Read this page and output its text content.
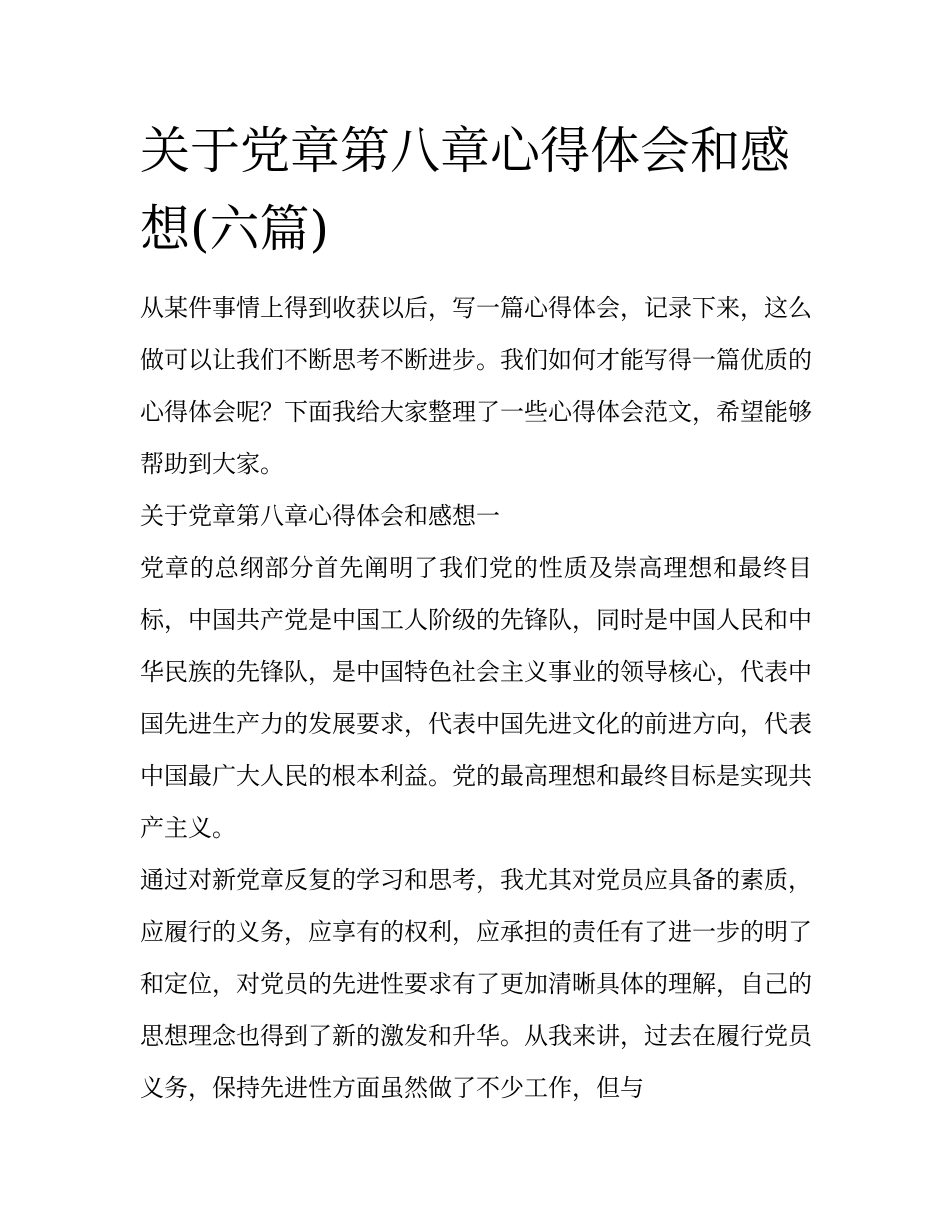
关于党章第八章心得体会和感想(六篇)

从某件事情上得到收获以后，写一篇心得体会，记录下来，这么做可以让我们不断思考不断进步。我们如何才能写得一篇优质的心得体会呢？下面我给大家整理了一些心得体会范文，希望能够帮助到大家。

关于党章第八章心得体会和感想一

党章的总纲部分首先阐明了我们党的性质及崇高理想和最终目标，中国共产党是中国工人阶级的先锋队，同时是中国人民和中华民族的先锋队，是中国特色社会主义事业的领导核心，代表中国先进生产力的发展要求，代表中国先进文化的前进方向，代表中国最广大人民的根本利益。党的最高理想和最终目标是实现共产主义。

通过对新党章反复的学习和思考，我尤其对党员应具备的素质，应履行的义务，应享有的权利，应承担的责任有了进一步的明了和定位，对党员的先进性要求有了更加清晰具体的理解，自己的思想理念也得到了新的激发和升华。从我来讲，过去在履行党员义务，保持先进性方面虽然做了不少工作，但与
